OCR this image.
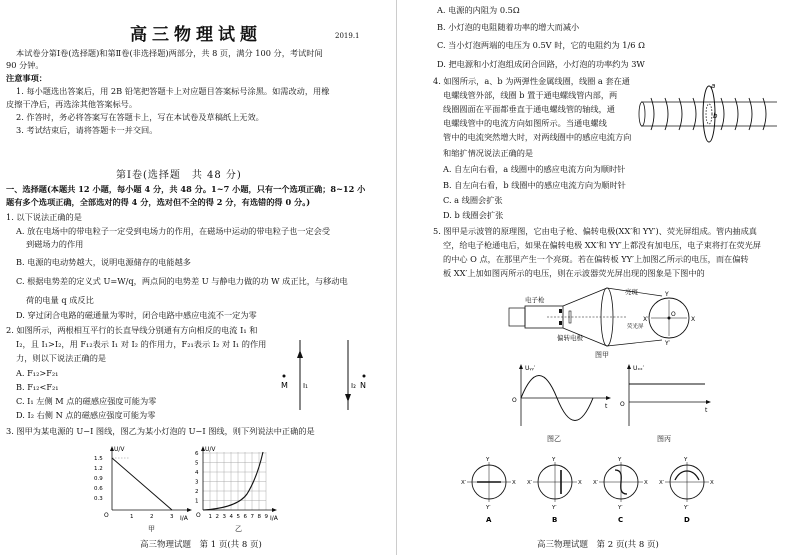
高三物理试题	2019.1
本试卷分第Ⅰ卷(选择题)和第Ⅱ卷(非选择题)两部分，共 8 页，满分 100 分，考试时间
90 分钟。
注意事项：
1. 每小题选出答案后，用 2B 铅笔把答题卡上对应题目答案标号涂黑。如需改动，用橡
皮擦干净后，再选涂其他答案标号。
2. 作答时，务必将答案写在答题卡上，写在本试卷及草稿纸上无效。
3. 考试结束后，请将答题卡一并交回。
第Ⅰ卷(选择题　共 48 分)
一、选择题(本题共 12 小题，每小题 4 分，共 48 分。1~7 小题，只有一个选项正确；8~12 小
题有多个选项正确，全部选对的得 4 分，选对但不全的得 2 分，有选错的得 0 分。)
1. 以下说法正确的是
A. 放在电场中的带电粒子一定受到电场力的作用，在磁场中运动的带电粒子也一定会受
到磁场力的作用
B. 电源的电动势越大，说明电源储存的电能越多
C. 根据电势差的定义式 U=W/q，两点间的电势差 U 与静电力做的功 W 成正比，与移动电
荷的电量 q 成反比
D. 穿过闭合电路的磁通量为零时，闭合电路中感应电流不一定为零
2. 如图所示，两根相互平行的长直导线分别通有方向相反的电流 I₁ 和
I₂，且 I₁>I₂，用 F₁₂表示 I₁ 对 I₂ 的作用力，F₂₁表示 I₂ 对 I₁ 的作用
力，则以下说法正确的是
A. F₁₂>F₂₁
B. F₁₂<F₂₁
C. I₁ 左侧 M 点的磁感应强度可能为零
D. I₂ 右侧 N 点的磁感应强度可能为零
M	N
I₁	I₂
3. 图甲为某电源的 U−I 图线，图乙为某小灯泡的 U−I 图线，则下列说法中正确的是
U/V
I/A
O
1.5
1.2
0.9
0.6
0.3
1	2	3
甲
U/V
I/A
O
6
5
4
3
2
1
1 2 3 4 5 6 7 8 9
乙
高三物理试题　第 1 页(共 8 页)
A. 电源的内阻为 0.5Ω
B. 小灯泡的电阻随着功率的增大而减小
C. 当小灯泡两端的电压为 0.5V 时，它的电阻约为 1/6 Ω
D. 把电源和小灯泡组成闭合回路，小灯泡的功率约为 3W
4. 如图所示，a、b 为两弹性金属线圈，线圈 a 套在通
电螺线管外部，线圈 b 置于通电螺线管内部，两
线圈圆面在平面都垂直于通电螺线管的轴线，通
电螺线管中的电流方向如图所示。当通电螺线
管中的电流突然增大时，对两线圈中的感应电流方向
和缩扩情况说法正确的是
A. 自左向右看，a 线圈中的感应电流方向为顺时针
B. 自左向右看，b 线圈中的感应电流方向为顺时针
C. a 线圈会扩张
D. b 线圈会扩张
a
b
5. 图甲是示波管的原理图，它由电子枪、偏转电极(XX′和 YY′)、荧光屏组成。管内抽成真
空，给电子枪通电后，如果在偏转电极 XX′和 YY′上都没有加电压，电子束将打在荧光屏
的中心 O 点，在那里产生一个亮斑。若在偏转板 YY′上加图乙所示的电压，而在偏转
板 XX′上加如图丙所示的电压，则在示波器荧光屏出现的图象是下图中的
电子枪
偏转电极
亮斑
荧光屏
Y
Y′
X
X′
O
图甲
Uᵧᵧ′
t
O
图乙
Uₓₓ′
t
O
图丙
Y
Y′
X′	X
A
Y
Y′
X′	X
B
Y
Y′
X′	X
C
Y
Y′
X′	X
D
高三物理试题　第 2 页(共 8 页)
